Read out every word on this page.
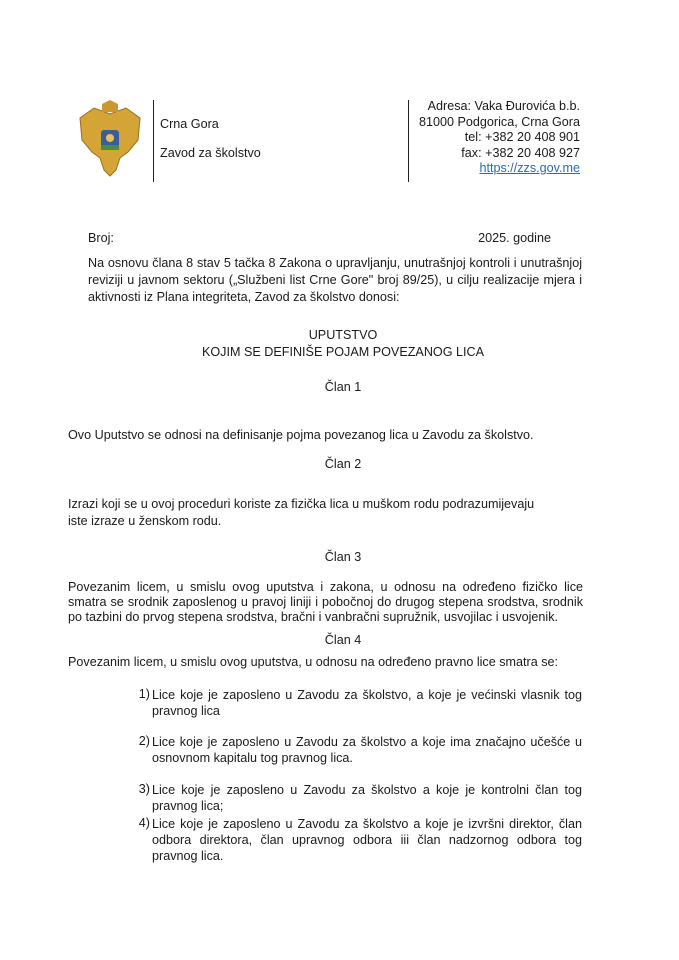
Crna Gora
Zavod za školstvo
Adresa: Vaka Đurovića b.b.
81000 Podgorica, Crna Gora
tel: +382 20 408 901
fax: +382 20 408 927
https://zzs.gov.me
Broj:	2025. godine
Na osnovu člana 8 stav 5 tačka 8 Zakona o upravljanju, unutrašnjoj kontroli i unutrašnjoj reviziji u javnom sektoru („Službeni list Crne Gore" broj 89/25), u cilju realizacije mjera i aktivnosti iz Plana integriteta, Zavod za školstvo donosi:
UPUTSTVO
KOJIM SE DEFINIŠE POJAM POVEZANOG LICA
Član 1
Ovo Uputstvo se odnosi na definisanje pojma povezanog lica u Zavodu za školstvo.
Član 2
Izrazi koji se u ovoj proceduri koriste za fizička lica u muškom rodu podrazumijevaju iste izraze u ženskom rodu.
Član 3
Povezanim licem, u smislu ovog uputstva i zakona, u odnosu na određeno fizičko lice smatra se srodnik zaposlenog u pravoj liniji i pobočnoj do drugog stepena srodstva, srodnik po tazbini do prvog stepena srodstva, bračni i vanbračni supružnik, usvojilac i usvojenik.
Član 4
Povezanim licem, u smislu ovog uputstva, u odnosu na određeno pravno lice smatra se:
1) Lice koje je zaposleno u Zavodu za školstvo, a koje je većinski vlasnik tog pravnog lica
2) Lice koje je zaposleno u Zavodu za školstvo a koje ima značajno učešće u osnovnom kapitalu tog pravnog lica.
3) Lice koje je zaposleno u Zavodu za školstvo a koje je kontrolni član tog pravnog lica;
4) Lice koje je zaposleno u Zavodu za školstvo a koje je izvršni direktor, član odbora direktora, član upravnog odbora iii član nadzornog odbora tog pravnog lica.
